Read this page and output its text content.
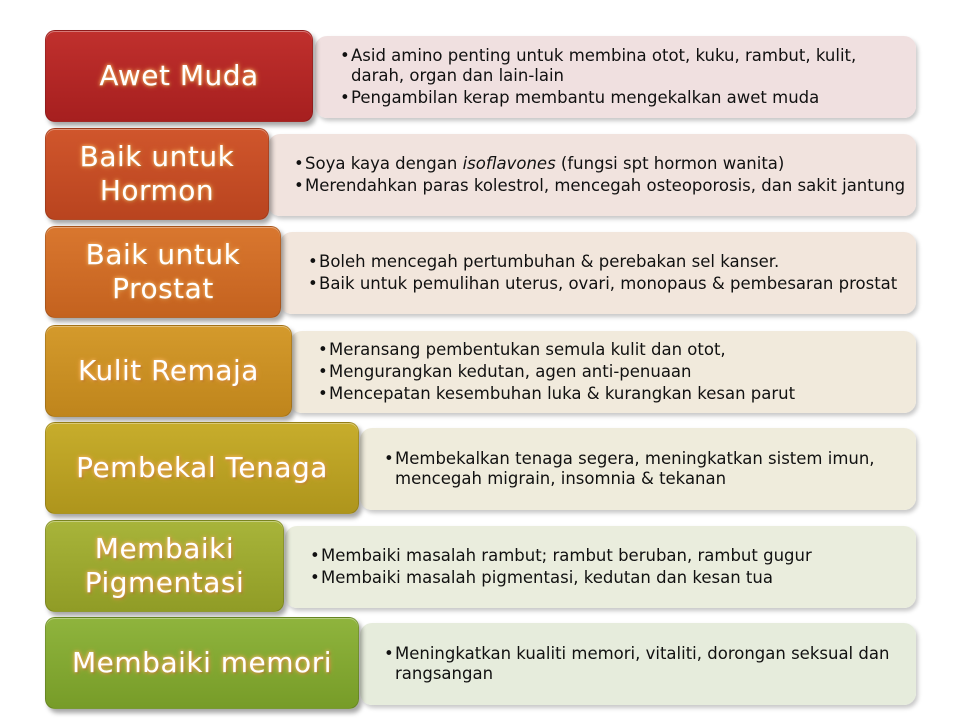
• Asid amino penting untuk membina otot, kuku, rambut, kulit, darah, organ dan lain-lain
• Pengambilan kerap membantu mengekalkan awet muda
Awet Muda
• Soya kaya dengan isoflavones (fungsi spt hormon wanita)
• Merendahkan paras kolestrol, mencegah osteoporosis, dan sakit jantung
Baik untuk
Hormon
• Boleh mencegah pertumbuhan & perebakan sel kanser.
• Baik untuk pemulihan uterus, ovari, monopaus & pembesaran prostat
Baik untuk
Prostat
• Meransang pembentukan semula kulit dan otot,
• Mengurangkan kedutan, agen anti-penuaan
• Mencepatan kesembuhan luka & kurangkan kesan parut
Kulit Remaja
• Membekalkan tenaga segera, meningkatkan sistem imun, mencegah migrain, insomnia & tekanan
Pembekal Tenaga
• Membaiki masalah rambut; rambut beruban, rambut gugur
• Membaiki masalah pigmentasi, kedutan dan kesan tua
Membaiki
Pigmentasi
• Meningkatkan kualiti memori, vitaliti, dorongan seksual dan rangsangan
Membaiki memori
